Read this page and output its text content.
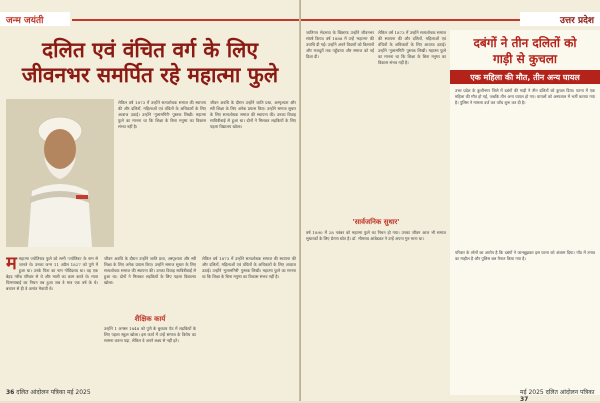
जन्म जयंती
दलित एवं वंचित वर्ग के लिए
जीवनभर समर्पित रहे महात्मा फुले

लेकिन वर्ष 1873 में उन्होंने सत्यशोधक समाज की स्थापना की और दलितों, महिलाओं एवं वंचितों के अधिकारों के लिए आवाज उठाई। उन्होंने 'गुलामगिरी' पुस्तक लिखी। महात्मा फुले का मानना था कि शिक्षा के बिना मनुष्य का विकास संभव नहीं है।

जीवन अवधि के दौरान उन्होंने जाति प्रथा, अस्पृश्यता और स्त्री शिक्षा के लिए अनेक प्रयास किए। उन्होंने समाज सुधार के लिए सत्यशोधक समाज की स्थापना की। उनका विवाह सावित्रीबाई से हुआ था। दोनों ने मिलकर लड़कियों के लिए पहला विद्यालय खोला।

म महात्मा ज्योतिराव फुले को सभी 'ज्योतिबा' के नाम से जानते थे। उनका जन्म 11 अप्रैल 1827 को पुणे में हुआ था। उनके पिता का नाम गोविंदराव था। वह एक बेहद गरीब परिवार से थे और माली का काम करते थे। माता चिमणाबाई का निधन तब हुआ जब वे मात्र एक वर्ष के थे। बचपन से ही वे अत्यंत मेधावी थे।

जीवन अवधि के दौरान उन्होंने जाति प्रथा, अस्पृश्यता और स्त्री शिक्षा के लिए अनेक प्रयास किए। उन्होंने समाज सुधार के लिए सत्यशोधक समाज की स्थापना की। उनका विवाह सावित्रीबाई से हुआ था। दोनों ने मिलकर लड़कियों के लिए पहला विद्यालय खोला।

शैक्षिक कार्य

उन्होंने 1 अगस्त 1848 को पुणे के बुधवार पेठ में लड़कियों के लिए पहला स्कूल खोला। इस कार्य में उन्हें समाज के विरोध का सामना करना पड़ा, लेकिन वे अपने लक्ष्य से नहीं हटे।

लेकिन वर्ष 1873 में उन्होंने सत्यशोधक समाज की स्थापना की और दलितों, महिलाओं एवं वंचितों के अधिकारों के लिए आवाज उठाई। उन्होंने 'गुलामगिरी' पुस्तक लिखी। महात्मा फुले का मानना था कि शिक्षा के बिना मनुष्य का विकास संभव नहीं है।

36 दलित आंदोलन पत्रिका मई 2025
उत्तर प्रदेश

जातिगत भेदभाव के खिलाफ उन्होंने जीवनभर संघर्ष किया। वर्ष 1888 में उन्हें 'महात्मा' की उपाधि दी गई। उन्होंने अपने विचारों को किसानों और मजदूरों तक पहुँचाया और समाज को नई दिशा दी।

लेकिन वर्ष 1873 में उन्होंने सत्यशोधक समाज की स्थापना की और दलितों, महिलाओं एवं वंचितों के अधिकारों के लिए आवाज उठाई। उन्होंने 'गुलामगिरी' पुस्तक लिखी। महात्मा फुले का मानना था कि शिक्षा के बिना मनुष्य का विकास संभव नहीं है।

'सार्वजनिक सुधार'

वर्ष 1890 में 28 नवंबर को महात्मा फुले का निधन हो गया। उनका जीवन आज भी समाज सुधारकों के लिए प्रेरणा स्रोत है। डॉ. भीमराव आंबेडकर ने उन्हें अपना गुरु माना था।

दबंगों ने तीन दलितों को
गाड़ी से कुचला
एक महिला की मौत, तीन अन्य घायल

उत्तर प्रदेश के कुशीनगर जिले में दबंगों की गाड़ी ने तीन दलितों को कुचल दिया। घटना में एक महिला की मौत हो गई, जबकि तीन अन्य घायल हो गए। घायलों को अस्पताल में भर्ती कराया गया है। पुलिस ने मामला दर्ज कर जाँच शुरू कर दी है।

परिवार के लोगों का आरोप है कि दबंगों ने जानबूझकर इस घटना को अंजाम दिया। गाँव में तनाव का माहौल है और पुलिस बल तैनात किया गया है।

मई 2025 दलित आंदोलन पत्रिका 37
